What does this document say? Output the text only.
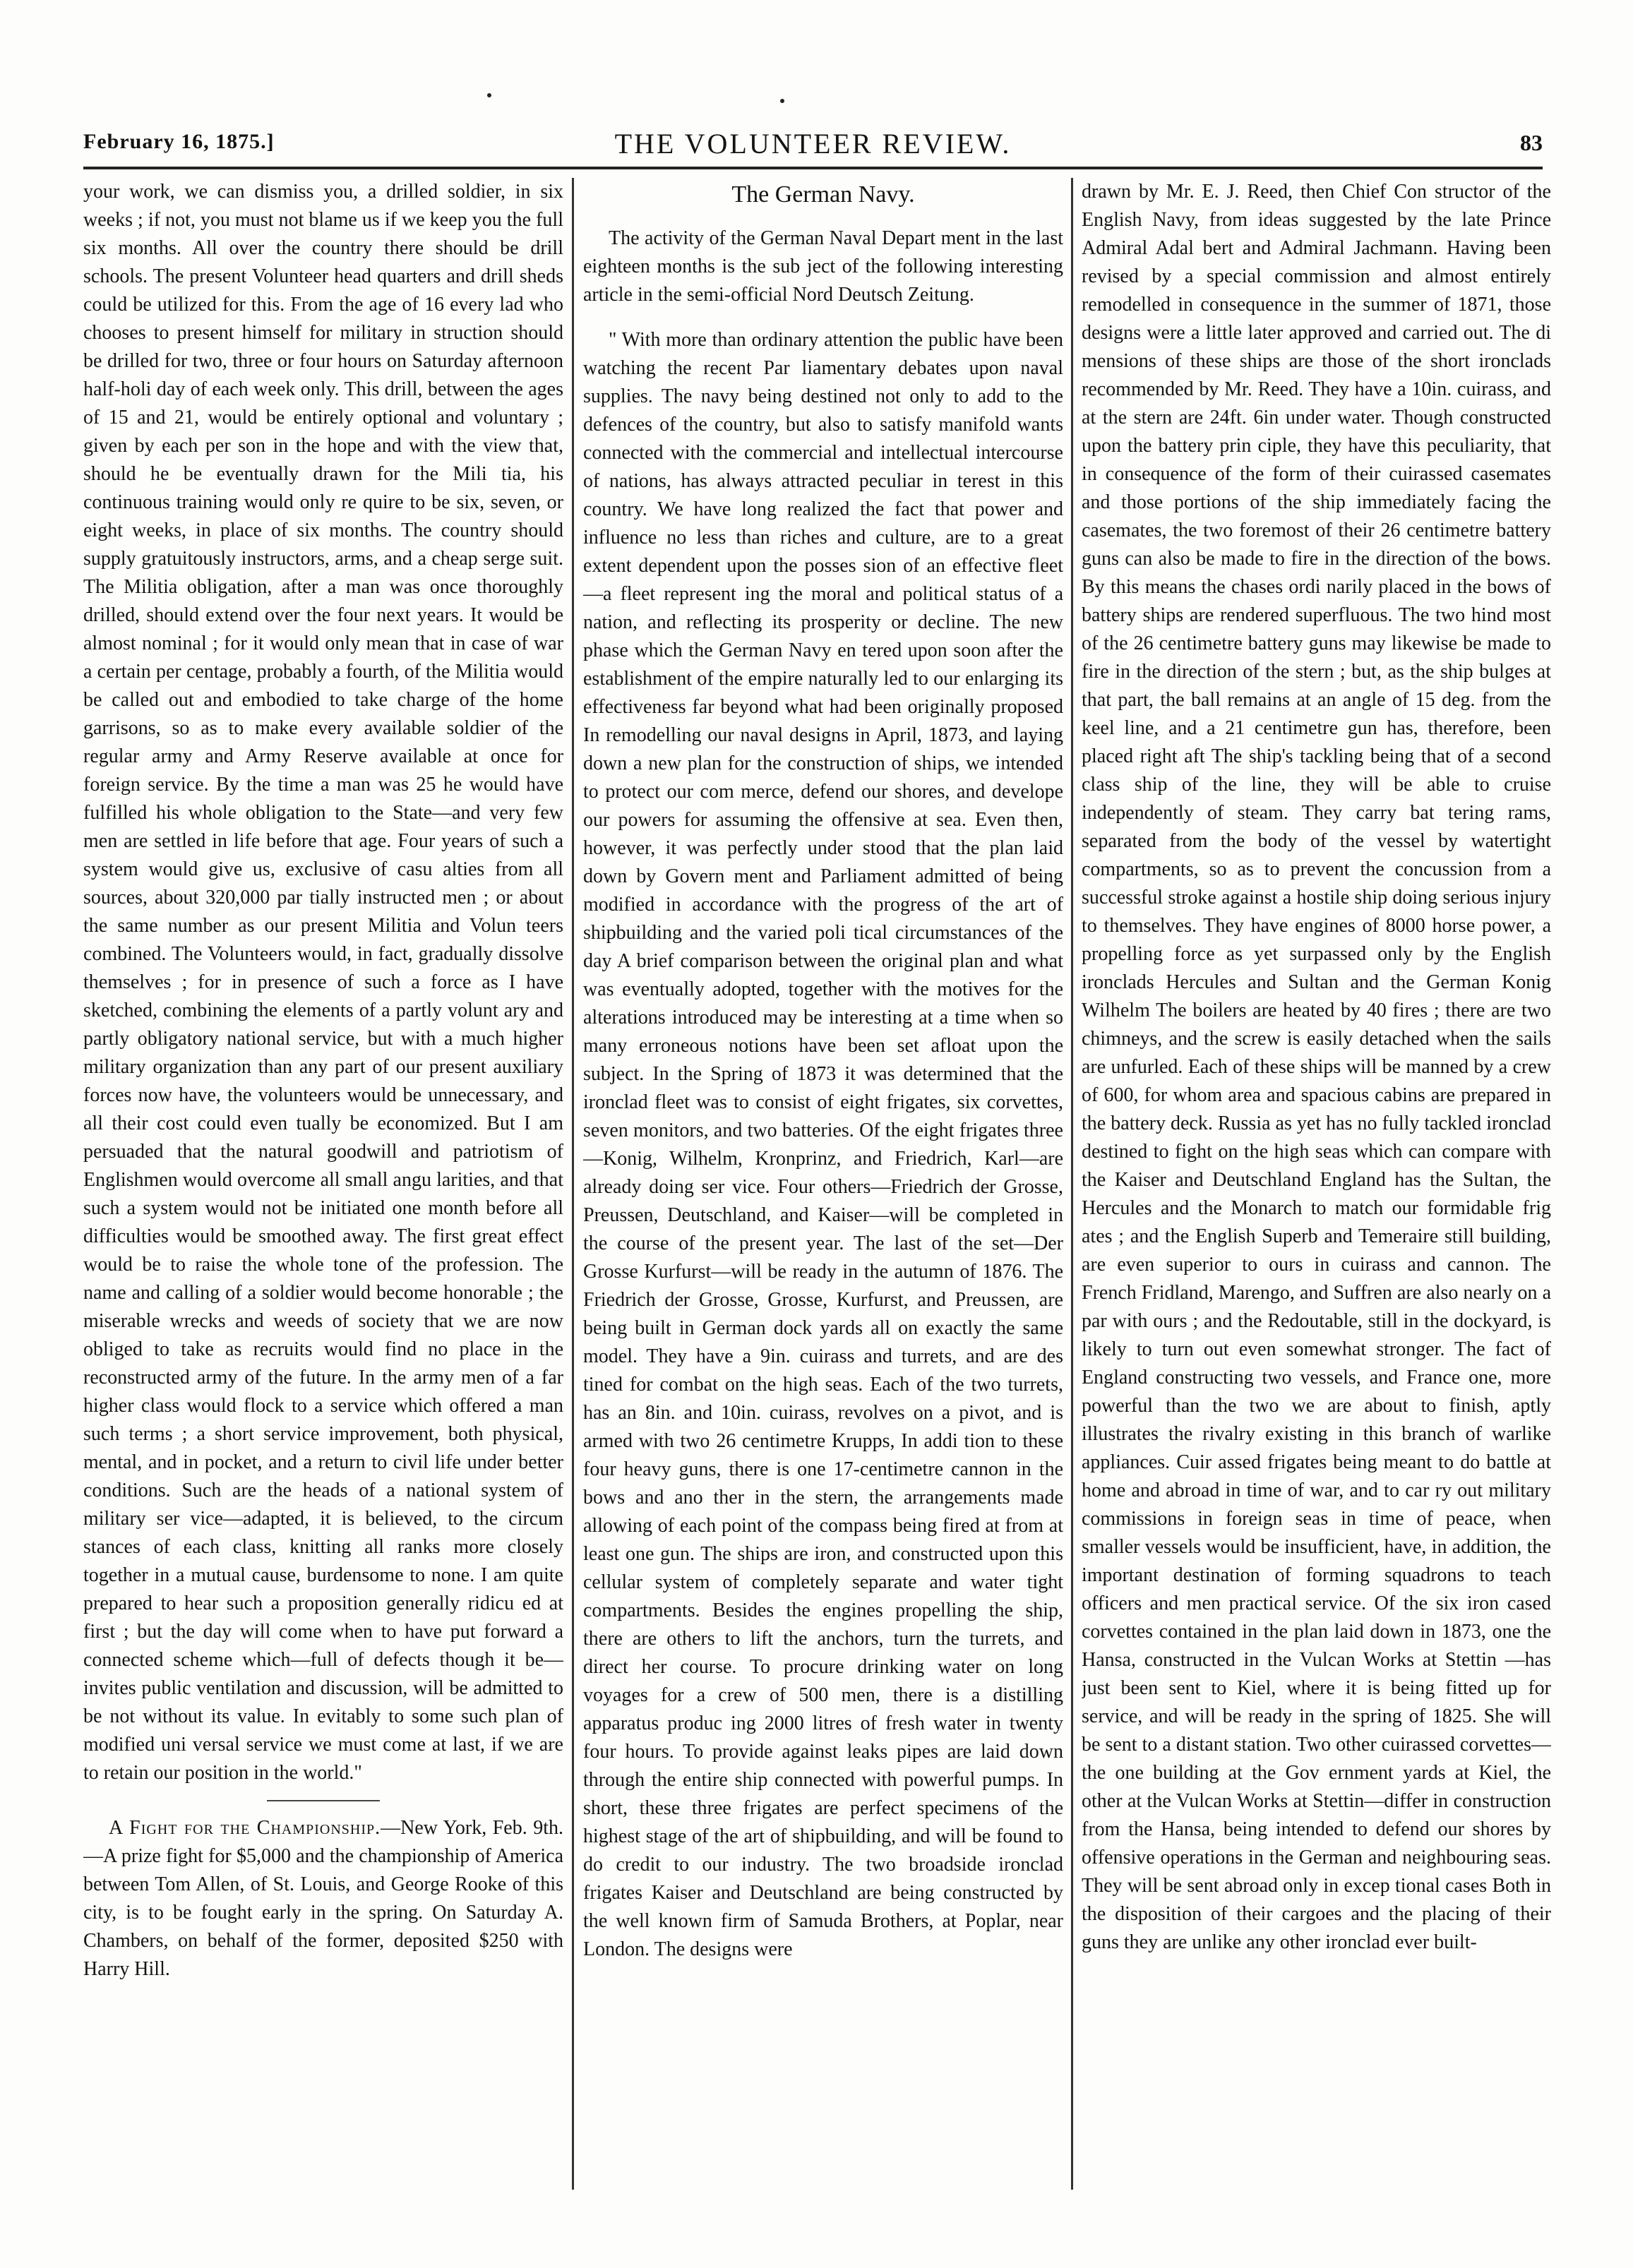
February 16, 1875.]	THE VOLUNTEER REVIEW.	83

your work, we can dismiss you, a drilled soldier, in six weeks ; if not, you must not blame us if we keep you the full six months. All over the country there should be drill schools. The present Volunteer head quarters and drill sheds could be utilized for this. From the age of 16 every lad who chooses to present himself for military in struction should be drilled for two, three or four hours on Saturday afternoon half-holi day of each week only. This drill, between the ages of 15 and 21, would be entirely optional and voluntary ; given by each per son in the hope and with the view that, should he be eventually drawn for the Mili tia, his continuous training would only re quire to be six, seven, or eight weeks, in place of six months. The country should supply gratuitously instructors, arms, and a cheap serge suit. The Militia obligation, after a man was once thoroughly drilled, should extend over the four next years. It would be almost nominal ; for it would only mean that in case of war a certain per centage, probably a fourth, of the Militia would be called out and embodied to take charge of the home garrisons, so as to make every available soldier of the regular army and Army Reserve available at once for foreign service. By the time a man was 25 he would have fulfilled his whole obligation to the State—and very few men are settled in life before that age. Four years of such a system would give us, exclusive of casu alties from all sources, about 320,000 par tially instructed men ; or about the same number as our present Militia and Volun teers combined. The Volunteers would, in fact, gradually dissolve themselves ; for in presence of such a force as I have sketched, combining the elements of a partly volunt ary and partly obligatory national service, but with a much higher military organization than any part of our present auxiliary forces now have, the volunteers would be unnecessary, and all their cost could even tually be economized. But I am persuaded that the natural goodwill and patriotism of Englishmen would overcome all small angu larities, and that such a system would not be initiated one month before all difficulties would be smoothed away. The first great effect would be to raise the whole tone of the profession. The name and calling of a soldier would become honorable ; the miserable wrecks and weeds of society that we are now obliged to take as recruits would find no place in the reconstructed army of the future. In the army men of a far higher class would flock to a service which offered a man such terms ; a short service improvement, both physical, mental, and in pocket, and a return to civil life under better conditions. Such are the heads of a national system of military ser vice—adapted, it is believed, to the circum stances of each class, knitting all ranks more closely together in a mutual cause, burdensome to none. I am quite prepared to hear such a proposition generally ridicu ed at first ; but the day will come when to have put forward a connected scheme which—full of defects though it be—invites public ventilation and discussion, will be admitted to be not without its value. In evitably to some such plan of modified uni versal service we must come at last, if we are to retain our position in the world."

A Fight for the Championship.—New York, Feb. 9th.—A prize fight for $5,000 and the championship of America between Tom Allen, of St. Louis, and George Rooke of this city, is to be fought early in the spring. On Saturday A. Chambers, on behalf of the former, deposited $250 with Harry Hill.

The German Navy.

The activity of the German Naval Depart ment in the last eighteen months is the sub ject of the following interesting article in the semi-official Nord Deutsch Zeitung.

" With more than ordinary attention the public have been watching the recent Par liamentary debates upon naval supplies. The navy being destined not only to add to the defences of the country, but also to satisfy manifold wants connected with the commercial and intellectual intercourse of nations, has always attracted peculiar in terest in this country. We have long realized the fact that power and influence no less than riches and culture, are to a great extent dependent upon the posses sion of an effective fleet—a fleet represent ing the moral and political status of a nation, and reflecting its prosperity or decline. The new phase which the German Navy en tered upon soon after the establishment of the empire naturally led to our enlarging its effectiveness far beyond what had been originally proposed In remodelling our naval designs in April, 1873, and laying down a new plan for the construction of ships, we intended to protect our com merce, defend our shores, and develope our powers for assuming the offensive at sea. Even then, however, it was perfectly under stood that the plan laid down by Govern ment and Parliament admitted of being modified in accordance with the progress of the art of shipbuilding and the varied poli tical circumstances of the day A brief comparison between the original plan and what was eventually adopted, together with the motives for the alterations introduced may be interesting at a time when so many erroneous notions have been set afloat upon the subject. In the Spring of 1873 it was determined that the ironclad fleet was to consist of eight frigates, six corvettes, seven monitors, and two batteries. Of the eight frigates three—Konig, Wilhelm, Kronprinz, and Friedrich, Karl—are already doing ser vice. Four others—Friedrich der Grosse, Preussen, Deutschland, and Kaiser—will be completed in the course of the present year. The last of the set—Der Grosse Kurfurst—will be ready in the autumn of 1876. The Friedrich der Grosse, Grosse, Kurfurst, and Preussen, are being built in German dock yards all on exactly the same model. They have a 9in. cuirass and turrets, and are des tined for combat on the high seas. Each of the two turrets, has an 8in. and 10in. cuirass, revolves on a pivot, and is armed with two 26 centimetre Krupps, In addi tion to these four heavy guns, there is one 17-centimetre cannon in the bows and ano ther in the stern, the arrangements made allowing of each point of the compass being fired at from at least one gun. The ships are iron, and constructed upon this cellular system of completely separate and water tight compartments. Besides the engines propelling the ship, there are others to lift the anchors, turn the turrets, and direct her course. To procure drinking water on long voyages for a crew of 500 men, there is a distilling apparatus produc ing 2000 litres of fresh water in twenty four hours. To provide against leaks pipes are laid down through the entire ship connected with powerful pumps. In short, these three frigates are perfect specimens of the highest stage of the art of shipbuilding, and will be found to do credit to our industry. The two broadside ironclad frigates Kaiser and Deutschland are being constructed by the well known firm of Samuda Brothers, at Poplar, near London. The designs were

drawn by Mr. E. J. Reed, then Chief Con structor of the English Navy, from ideas suggested by the late Prince Admiral Adal bert and Admiral Jachmann. Having been revised by a special commission and almost entirely remodelled in consequence in the summer of 1871, those designs were a little later approved and carried out. The di mensions of these ships are those of the short ironclads recommended by Mr. Reed. They have a 10in. cuirass, and at the stern are 24ft. 6in under water. Though constructed upon the battery prin ciple, they have this peculiarity, that in consequence of the form of their cuirassed casemates and those portions of the ship immediately facing the casemates, the two foremost of their 26 centimetre battery guns can also be made to fire in the direction of the bows. By this means the chases ordi narily placed in the bows of battery ships are rendered superfluous. The two hind most of the 26 centimetre battery guns may likewise be made to fire in the direction of the stern ; but, as the ship bulges at that part, the ball remains at an angle of 15 deg. from the keel line, and a 21 centimetre gun has, therefore, been placed right aft The ship's tackling being that of a second class ship of the line, they will be able to cruise independently of steam. They carry bat tering rams, separated from the body of the vessel by watertight compartments, so as to prevent the concussion from a successful stroke against a hostile ship doing serious injury to themselves. They have engines of 8000 horse power, a propelling force as yet surpassed only by the English ironclads Hercules and Sultan and the German Konig Wilhelm The boilers are heated by 40 fires ; there are two chimneys, and the screw is easily detached when the sails are unfurled. Each of these ships will be manned by a crew of 600, for whom area and spacious cabins are prepared in the battery deck. Russia as yet has no fully tackled ironclad destined to fight on the high seas which can compare with the Kaiser and Deutschland England has the Sultan, the Hercules and the Monarch to match our formidable frig ates ; and the English Superb and Temeraire still building, are even superior to ours in cuirass and cannon. The French Fridland, Marengo, and Suffren are also nearly on a par with ours ; and the Redoutable, still in the dockyard, is likely to turn out even somewhat stronger. The fact of England constructing two vessels, and France one, more powerful than the two we are about to finish, aptly illustrates the rivalry existing in this branch of warlike appliances. Cuir assed frigates being meant to do battle at home and abroad in time of war, and to car ry out military commissions in foreign seas in time of peace, when smaller vessels would be insufficient, have, in addition, the important destination of forming squadrons to teach officers and men practical service. Of the six iron cased corvettes contained in the plan laid down in 1873, one the Hansa, constructed in the Vulcan Works at Stettin —has just been sent to Kiel, where it is being fitted up for service, and will be ready in the spring of 1825. She will be sent to a distant station. Two other cuirassed corvettes—the one building at the Gov ernment yards at Kiel, the other at the Vulcan Works at Stettin—differ in construction from the Hansa, being intended to defend our shores by offensive operations in the German and neighbouring seas. They will be sent abroad only in excep tional cases Both in the disposition of their cargoes and the placing of their guns they are unlike any other ironclad ever built-
